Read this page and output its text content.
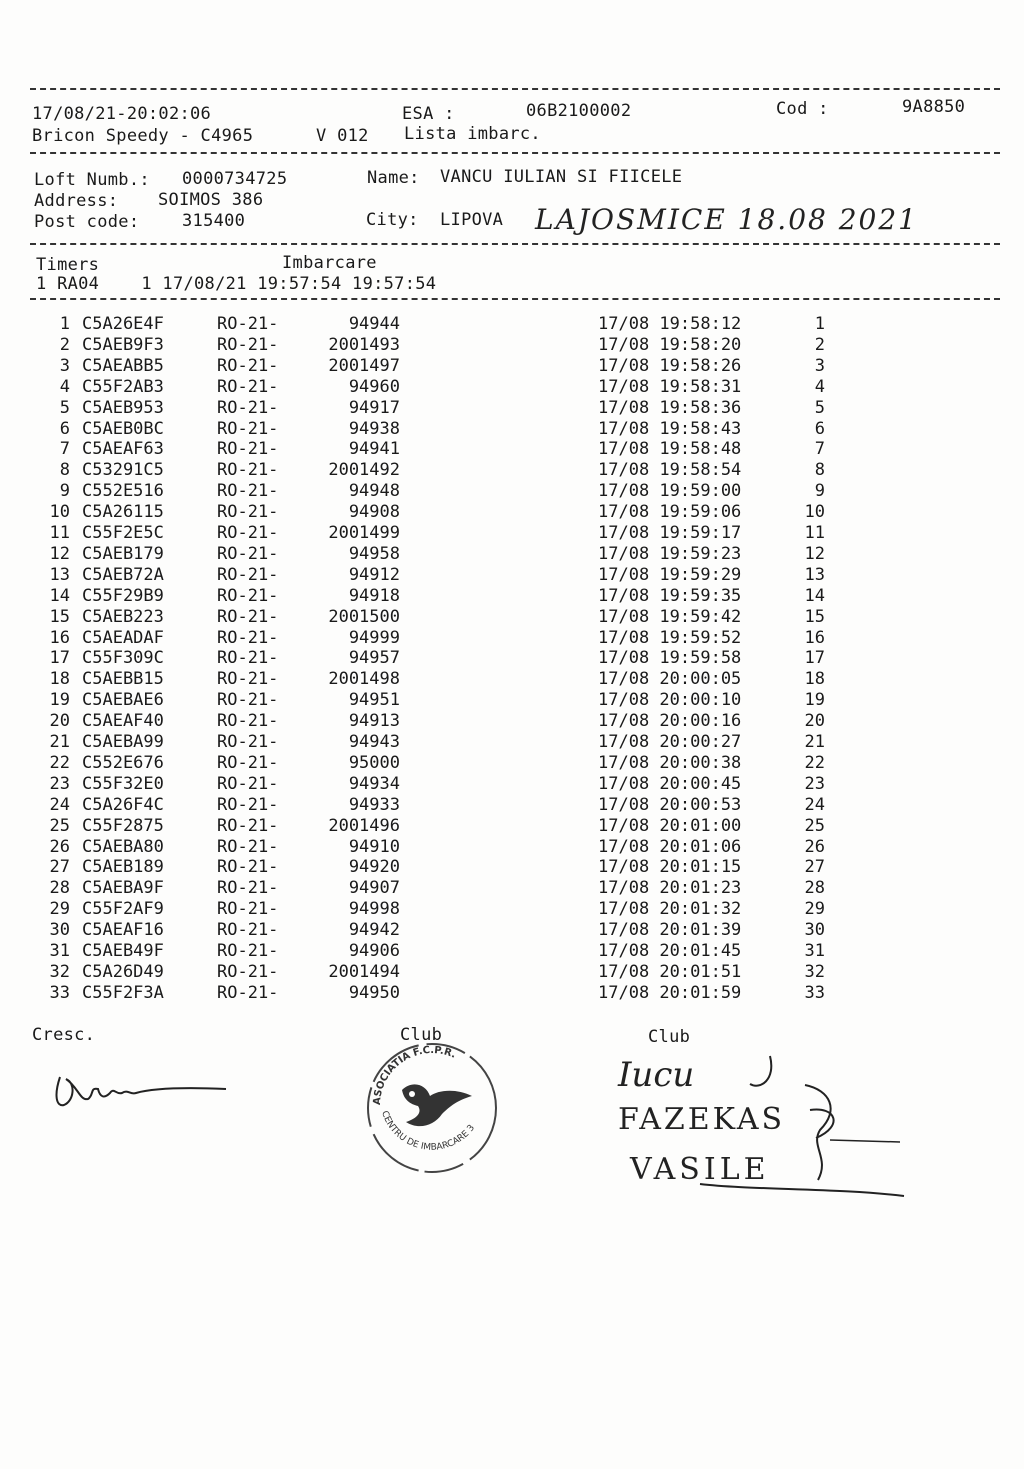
17/08/21-20:02:06	ESA :	06B2100002	Cod :	9A8850
Bricon Speedy - C4965	V 012 Lista imbarc.
Loft Numb.: 0000734725	Name: VANCU IULIAN SI FIICELE
Address: SOIMOS 386
Post code:	315400	City: LIPOVA LAJOSMICE 18.08 2021
Timers	Imbarcare
1 RA04    1 17/08/21 19:57:54 19:57:54
1 C5A26E4F	RO-21-	94944	17/08 19:58:12	1
2 C5AEB9F3	RO-21-	2001493	17/08 19:58:20	2
3 C5AEABB5	RO-21-	2001497	17/08 19:58:26	3
4 C55F2AB3	RO-21-	94960	17/08 19:58:31	4
5 C5AEB953	RO-21-	94917	17/08 19:58:36	5
6 C5AEB0BC	RO-21-	94938	17/08 19:58:43	6
7 C5AEAF63	RO-21-	94941	17/08 19:58:48	7
8 C53291C5	RO-21-	2001492	17/08 19:58:54	8
9 C552E516	RO-21-	94948	17/08 19:59:00	9
10 C5A26115	RO-21-	94908	17/08 19:59:06	10
11 C55F2E5C	RO-21-	2001499	17/08 19:59:17	11
12 C5AEB179	RO-21-	94958	17/08 19:59:23	12
13 C5AEB72A	RO-21-	94912	17/08 19:59:29	13
14 C55F29B9	RO-21-	94918	17/08 19:59:35	14
15 C5AEB223	RO-21-	2001500	17/08 19:59:42	15
16 C5AEADAF	RO-21-	94999	17/08 19:59:52	16
17 C55F309C	RO-21-	94957	17/08 19:59:58	17
18 C5AEBB15	RO-21-	2001498	17/08 20:00:05	18
19 C5AEBAE6	RO-21-	94951	17/08 20:00:10	19
20 C5AEAF40	RO-21-	94913	17/08 20:00:16	20
21 C5AEBA99	RO-21-	94943	17/08 20:00:27	21
22 C552E676	RO-21-	95000	17/08 20:00:38	22
23 C55F32E0	RO-21-	94934	17/08 20:00:45	23
24 C5A26F4C	RO-21-	94933	17/08 20:00:53	24
25 C55F2875	RO-21-	2001496	17/08 20:01:00	25
26 C5AEBA80	RO-21-	94910	17/08 20:01:06	26
27 C5AEB189	RO-21-	94920	17/08 20:01:15	27
28 C5AEBA9F	RO-21-	94907	17/08 20:01:23	28
29 C55F2AF9	RO-21-	94998	17/08 20:01:32	29
30 C5AEAF16	RO-21-	94942	17/08 20:01:39	30
31 C5AEB49F	RO-21-	94906	17/08 20:01:45	31
32 C5A26D49	RO-21-	2001494	17/08 20:01:51	32
33 C55F2F3A	RO-21-	94950	17/08 20:01:59	33
Cresc.	Club	Club
ASOCIATIA F.C.P.R.
CENTRU DE IMBARCARE 3
Iucu
FAZEKAS
VASILE
